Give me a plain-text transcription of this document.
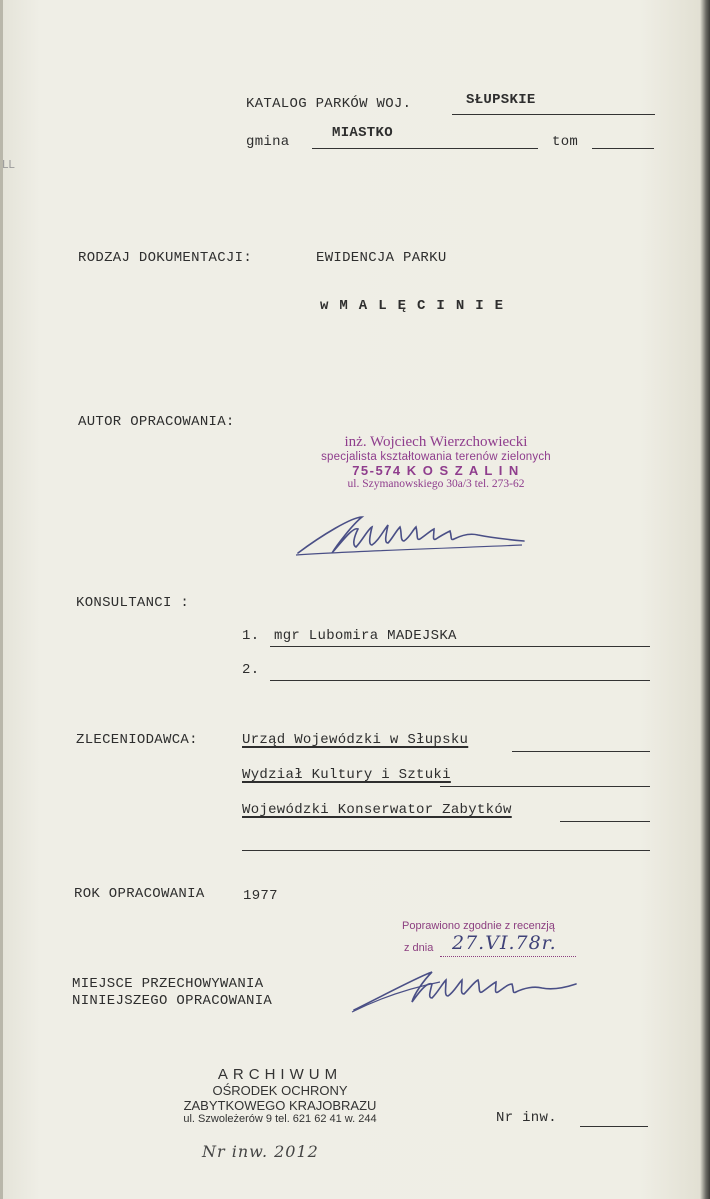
LL
KATALOG PARKÓW WOJ.	SŁUPSKIE
gmina
MIASTKO
tom
RODZAJ DOKUMENTACJI:	EWIDENCJA PARKU
w M A L Ę C I N I E
AUTOR OPRACOWANIA:
inż. Wojciech Wierzchowiecki
specjalista kształtowania terenów zielonych
75-574 K O S Z A L I N
ul. Szymanowskiego 30a/3 tel. 273-62
KONSULTANCI :
1. mgr Lubomira MADEJSKA
2.
ZLECENIODAWCA:	Urząd Wojewódzki w Słupsku
Wydział Kultury i Sztuki
Wojewódzki Konserwator Zabytków
ROK OPRACOWANIA	1977
Poprawiono zgodnie z recenzją
z dnia 27.VI.78r.
MIEJSCE PRZECHOWYWANIA
NINIEJSZEGO OPRACOWANIA
ARCHIWUM
OŚRODEK OCHRONY
ZABYTKOWEGO KRAJOBRAZU
ul. Szwoleżerów 9 tel. 621 62 41 w. 244
Nr inw. 2012
Nr inw.
